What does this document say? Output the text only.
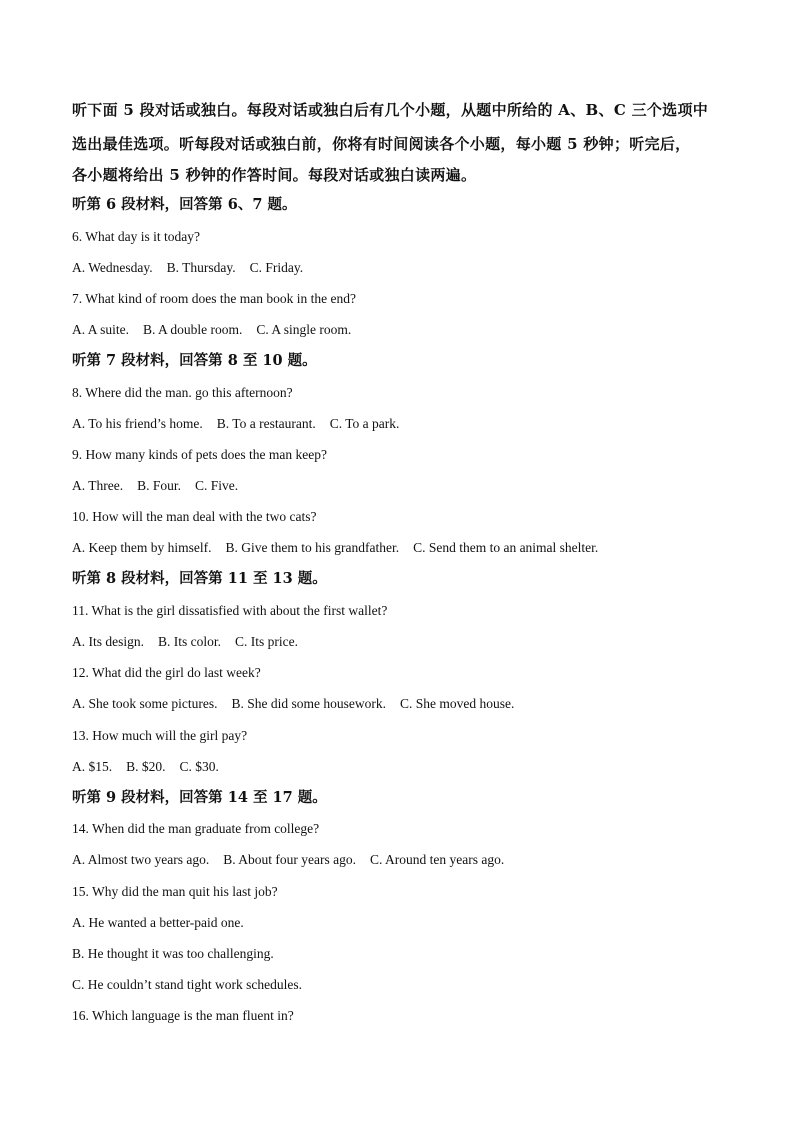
听下面 5 段对话或独白。每段对话或独白后有几个小题，从题中所给的 A、B、C 三个选项中
选出最佳选项。听每段对话或独白前，你将有时间阅读各个小题，每小题 5 秒钟；听完后，
各小题将给出 5 秒钟的作答时间。每段对话或独白读两遍。
听第 6 段材料，回答第 6、7 题。
6. What day is it today?
A. Wednesday. B. Thursday. C. Friday.
7. What kind of room does the man book in the end?
A. A suite. B. A double room. C. A single room.
听第 7 段材料，回答第 8 至 10 题。
8. Where did the man. go this afternoon?
A. To his friend’s home. B. To a restaurant. C. To a park.
9. How many kinds of pets does the man keep?
A. Three. B. Four. C. Five.
10. How will the man deal with the two cats?
A. Keep them by himself. B. Give them to his grandfather. C. Send them to an animal shelter.
听第 8 段材料，回答第 11 至 13 题。
11. What is the girl dissatisfied with about the first wallet?
A. Its design. B. Its color. C. Its price.
12. What did the girl do last week?
A. She took some pictures. B. She did some housework. C. She moved house.
13. How much will the girl pay?
A. $15. B. $20. C. $30.
听第 9 段材料，回答第 14 至 17 题。
14. When did the man graduate from college?
A. Almost two years ago. B. About four years ago. C. Around ten years ago.
15. Why did the man quit his last job?
A. He wanted a better-paid one.
B. He thought it was too challenging.
C. He couldn’t stand tight work schedules.
16. Which language is the man fluent in?
